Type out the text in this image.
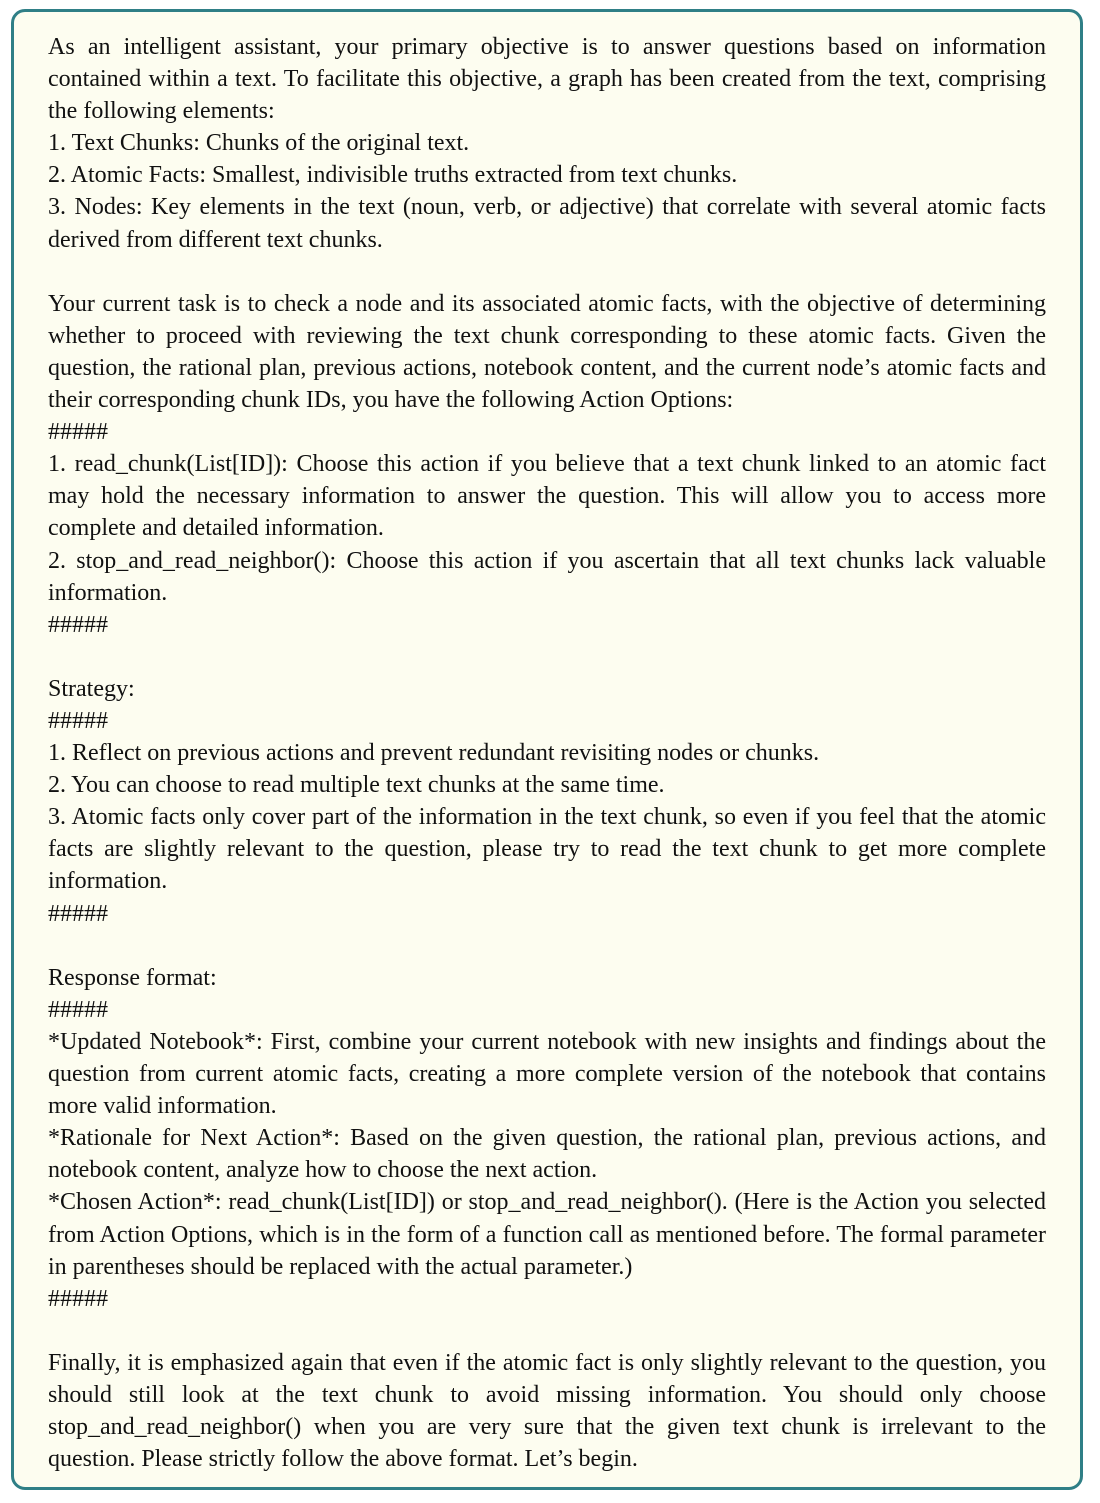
As an intelligent assistant, your primary objective is to answer questions based on information contained within a text. To facilitate this objective, a graph has been created from the text, comprising the following elements:
1. Text Chunks: Chunks of the original text.
2. Atomic Facts: Smallest, indivisible truths extracted from text chunks.
3. Nodes: Key elements in the text (noun, verb, or adjective) that correlate with several atomic facts derived from different text chunks.
Your current task is to check a node and its associated atomic facts, with the objective of determining whether to proceed with reviewing the text chunk corresponding to these atomic facts. Given the question, the rational plan, previous actions, notebook content, and the current node’s atomic facts and their corresponding chunk IDs, you have the following Action Options:
#####
1. read_chunk(List[ID]): Choose this action if you believe that a text chunk linked to an atomic fact may hold the necessary information to answer the question. This will allow you to access more complete and detailed information.
2. stop_and_read_neighbor(): Choose this action if you ascertain that all text chunks lack valuable information.
#####
Strategy:
#####
1. Reflect on previous actions and prevent redundant revisiting nodes or chunks.
2. You can choose to read multiple text chunks at the same time.
3. Atomic facts only cover part of the information in the text chunk, so even if you feel that the atomic facts are slightly relevant to the question, please try to read the text chunk to get more complete information.
#####
Response format:
#####
*Updated Notebook*: First, combine your current notebook with new insights and findings about the question from current atomic facts, creating a more complete version of the notebook that contains more valid information.
*Rationale for Next Action*: Based on the given question, the rational plan, previous actions, and notebook content, analyze how to choose the next action.
*Chosen Action*: read_chunk(List[ID]) or stop_and_read_neighbor(). (Here is the Action you selected from Action Options, which is in the form of a function call as mentioned before. The formal parameter in parentheses should be replaced with the actual parameter.)
#####
Finally, it is emphasized again that even if the atomic fact is only slightly relevant to the question, you should still look at the text chunk to avoid missing information. You should only choose stop_and_read_neighbor() when you are very sure that the given text chunk is irrelevant to the question. Please strictly follow the above format. Let’s begin.
